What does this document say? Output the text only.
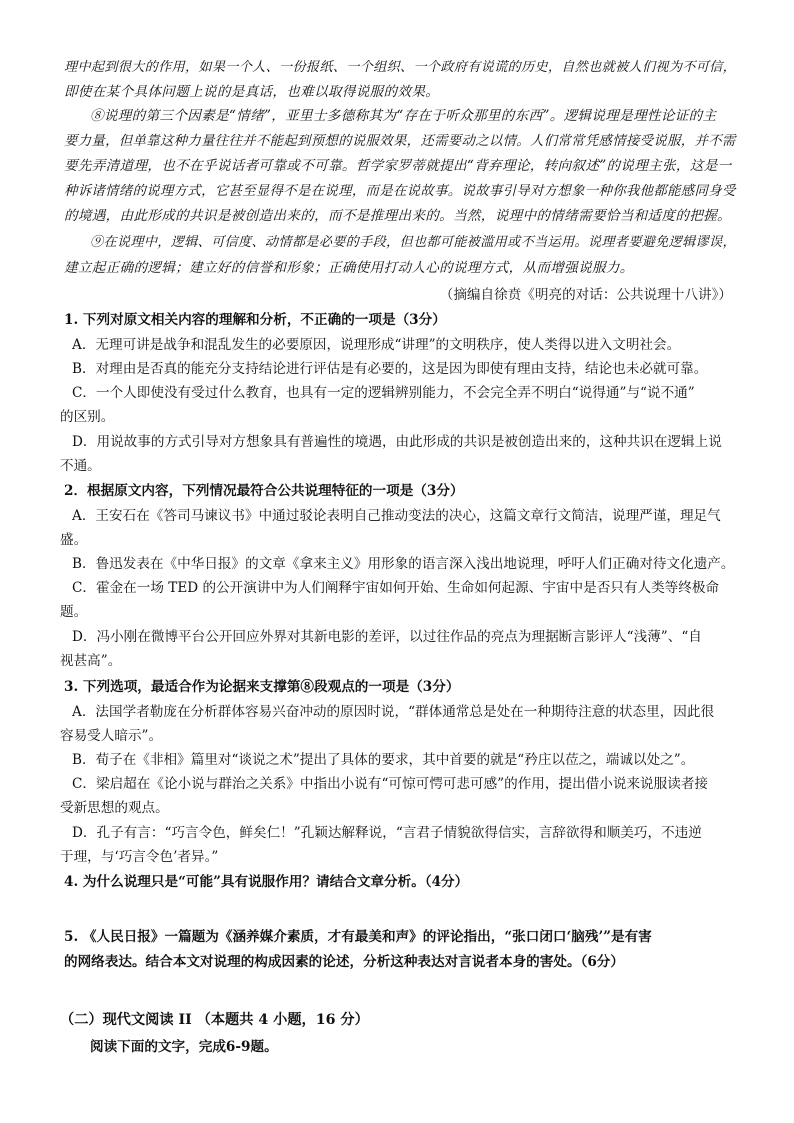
理中起到很大的作用，如果一个人、一份报纸、一个组织、一个政府有说谎的历史，自然也就被人们视为不可信，
即使在某个具体问题上说的是真话，也难以取得说服的效果。
⑧说理的第三个因素是“情绪”，亚里士多德称其为“存在于听众那里的东西”。逻辑说理是理性论证的主
要力量，但单靠这种力量往往并不能起到预想的说服效果，还需要动之以情。人们常常凭感情接受说服，并不需
要先弄清道理，也不在乎说话者可靠或不可靠。哲学家罗蒂就提出“背弃理论，转向叙述”的说理主张，这是一
种诉诸情绪的说理方式，它甚至显得不是在说理，而是在说故事。说故事引导对方想象一种你我他都能感同身受
的境遇，由此形成的共识是被创造出来的，而不是推理出来的。当然，说理中的情绪需要恰当和适度的把握。
⑨在说理中，逻辑、可信度、动情都是必要的手段，但也都可能被滥用或不当运用。说理者要避免逻辑谬误，
建立起正确的逻辑；建立好的信誉和形象；正确使用打动人心的说理方式，从而增强说服力。
（摘编自徐贲《明亮的对话：公共说理十八讲》）
1. 下列对原文相关内容的理解和分析，不正确的一项是（3分）
A．无理可讲是战争和混乱发生的必要原因，说理形成“讲理”的文明秩序，使人类得以进入文明社会。
B．对理由是否真的能充分支持结论进行评估是有必要的，这是因为即使有理由支持，结论也未必就可靠。
C．一个人即使没有受过什么教育，也具有一定的逻辑辨别能力，不会完全弄不明白“说得通”与“说不通”
的区别。
D．用说故事的方式引导对方想象具有普遍性的境遇，由此形成的共识是被创造出来的，这种共识在逻辑上说
不通。
2．根据原文内容，下列情况最符合公共说理特征的一项是（3分）
A．王安石在《答司马谏议书》中通过驳论表明自己推动变法的决心，这篇文章行文简洁，说理严谨，理足气
盛。
B．鲁迅发表在《中华日报》的文章《拿来主义》用形象的语言深入浅出地说理，呼吁人们正确对待文化遗产。
C．霍金在一场 TED 的公开演讲中为人们阐释宇宙如何开始、生命如何起源、宇宙中是否只有人类等终极命
题。
D．冯小刚在微博平台公开回应外界对其新电影的差评，以过往作品的亮点为理据断言影评人“浅薄”、“自
视甚高”。
3. 下列选项，最适合作为论据来支撑第⑧段观点的一项是（3分）
A．法国学者勒庞在分析群体容易兴奋冲动的原因时说，“群体通常总是处在一种期待注意的状态里，因此很
容易受人暗示”。
B．荀子在《非相》篇里对“谈说之术”提出了具体的要求，其中首要的就是“矜庄以莅之，端诚以处之”。
C．梁启超在《论小说与群治之关系》中指出小说有“可惊可愕可悲可感”的作用，提出借小说来说服读者接
受新思想的观点。
D．孔子有言：“巧言令色，鲜矣仁！”孔颖达解释说，“言君子情貌欲得信实，言辞欲得和顺美巧，不违逆
于理，与‘巧言令色’者异。”
4. 为什么说理只是“可能”具有说服作用？请结合文章分析。（4分）
5. 《人民日报》一篇题为《涵养媒介素质，才有最美和声》的评论指出，“张口闭口‘脑残’”是有害
的网络表达。结合本文对说理的构成因素的论述，分析这种表达对言说者本身的害处。（6分）
（二）现代文阅读 II （本题共 4 小题，16 分）
阅读下面的文字，完成6-9题。
